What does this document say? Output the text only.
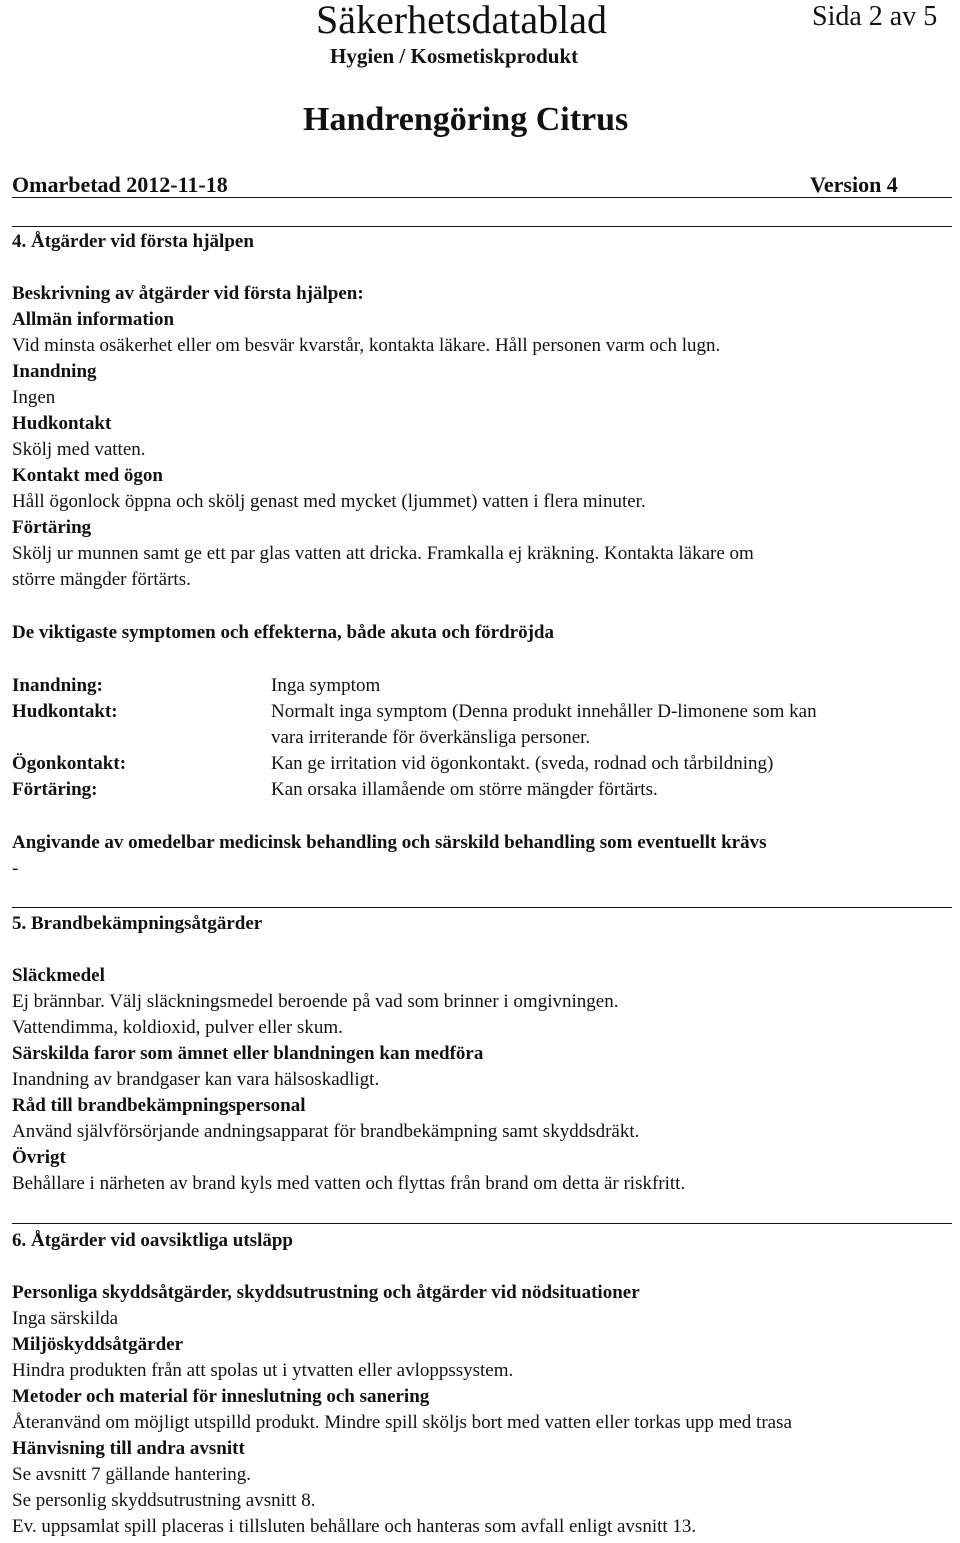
Säkerhetsdatablad	Sida 2 av 5
Hygien / Kosmetiskprodukt
Handrengöring Citrus
Omarbetad 2012-11-18	Version 4
4. Åtgärder vid första hjälpen
Beskrivning av åtgärder vid första hjälpen:
Allmän information
Vid minsta osäkerhet eller om besvär kvarstår, kontakta läkare. Håll personen varm och lugn.
Inandning
Ingen
Hudkontakt
Skölj med vatten.
Kontakt med ögon
Håll ögonlock öppna och skölj genast med mycket (ljummet) vatten i flera minuter.
Förtäring
Skölj ur munnen samt ge ett par glas vatten att dricka. Framkalla ej kräkning. Kontakta läkare om
större mängder förtärts.
De viktigaste symptomen och effekterna, både akuta och fördröjda
Inandning:	Inga symptom
Hudkontakt:	Normalt inga symptom (Denna produkt innehåller D-limonene som kan
vara irriterande för överkänsliga personer.
Ögonkontakt:	Kan ge irritation vid ögonkontakt. (sveda, rodnad och tårbildning)
Förtäring:	Kan orsaka illamående om större mängder förtärts.
Angivande av omedelbar medicinsk behandling och särskild behandling som eventuellt krävs
-
5. Brandbekämpningsåtgärder
Släckmedel
Ej brännbar. Välj släckningsmedel beroende på vad som brinner i omgivningen.
Vattendimma, koldioxid, pulver eller skum.
Särskilda faror som ämnet eller blandningen kan medföra
Inandning av brandgaser kan vara hälsoskadligt.
Råd till brandbekämpningspersonal
Använd självförsörjande andningsapparat för brandbekämpning samt skyddsdräkt.
Övrigt
Behållare i närheten av brand kyls med vatten och flyttas från brand om detta är riskfritt.
6. Åtgärder vid oavsiktliga utsläpp
Personliga skyddsåtgärder, skyddsutrustning och åtgärder vid nödsituationer
Inga särskilda
Miljöskyddsåtgärder
Hindra produkten från att spolas ut i ytvatten eller avloppssystem.
Metoder och material för inneslutning och sanering
Återanvänd om möjligt utspilld produkt. Mindre spill sköljs bort med vatten eller torkas upp med trasa
Hänvisning till andra avsnitt
Se avsnitt 7 gällande hantering.
Se personlig skyddsutrustning avsnitt 8.
Ev. uppsamlat spill placeras i tillsluten behållare och hanteras som avfall enligt avsnitt 13.
